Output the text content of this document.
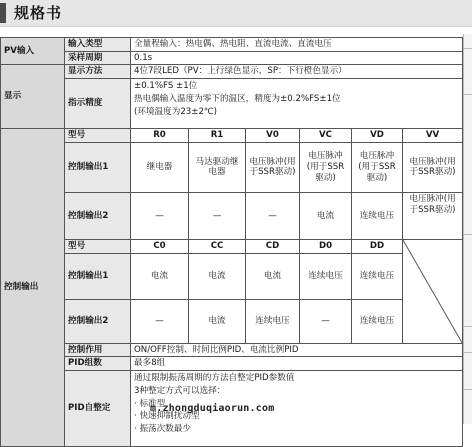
规格书
PV输入	输入类型	全量程输入：热电偶、热电阻、直流电流、直流电压					
	采样周期	0.1s					
显示	显示方法	4位7段LED（PV：上行绿色显示，SP：下行橙色显示）					
	指示精度	±0.1%FS ±1位
热电偶输入温度为零下的温区，精度为±0.2%FS±1位
(环境温度为23±2℃)					

控制输出	型号	R0	R1	V0	VC	VD	VV
	控制输出1	继电器	马达驱动继电器	电压脉冲(用于SSR驱动)	电压脉冲(用于SSR驱动)	电压脉冲(用于SSR驱动)	电压脉冲(用于SSR驱动)
	控制输出2	—	—	—	电流	连续电压	电压脉冲(用于SSR驱动)
	型号	C0	CC	CD	D0	DD	

	控制输出1	电流	电流	电流	连续电压	连续电压	
	控制输出2	—	电流	连续电压	—	连续电压	
	控制作用	ON/OFF控制、时间比例PID、电流比例PID					
	PID组数	最多8组					
	PID自整定	通过限制振荡周期的方法自整定PID参数值
3种整定方式可以选择：
· 标准型
· 快速抑制扰动型
· 振荡次数最少					
m.zhongduqiaorun.com
